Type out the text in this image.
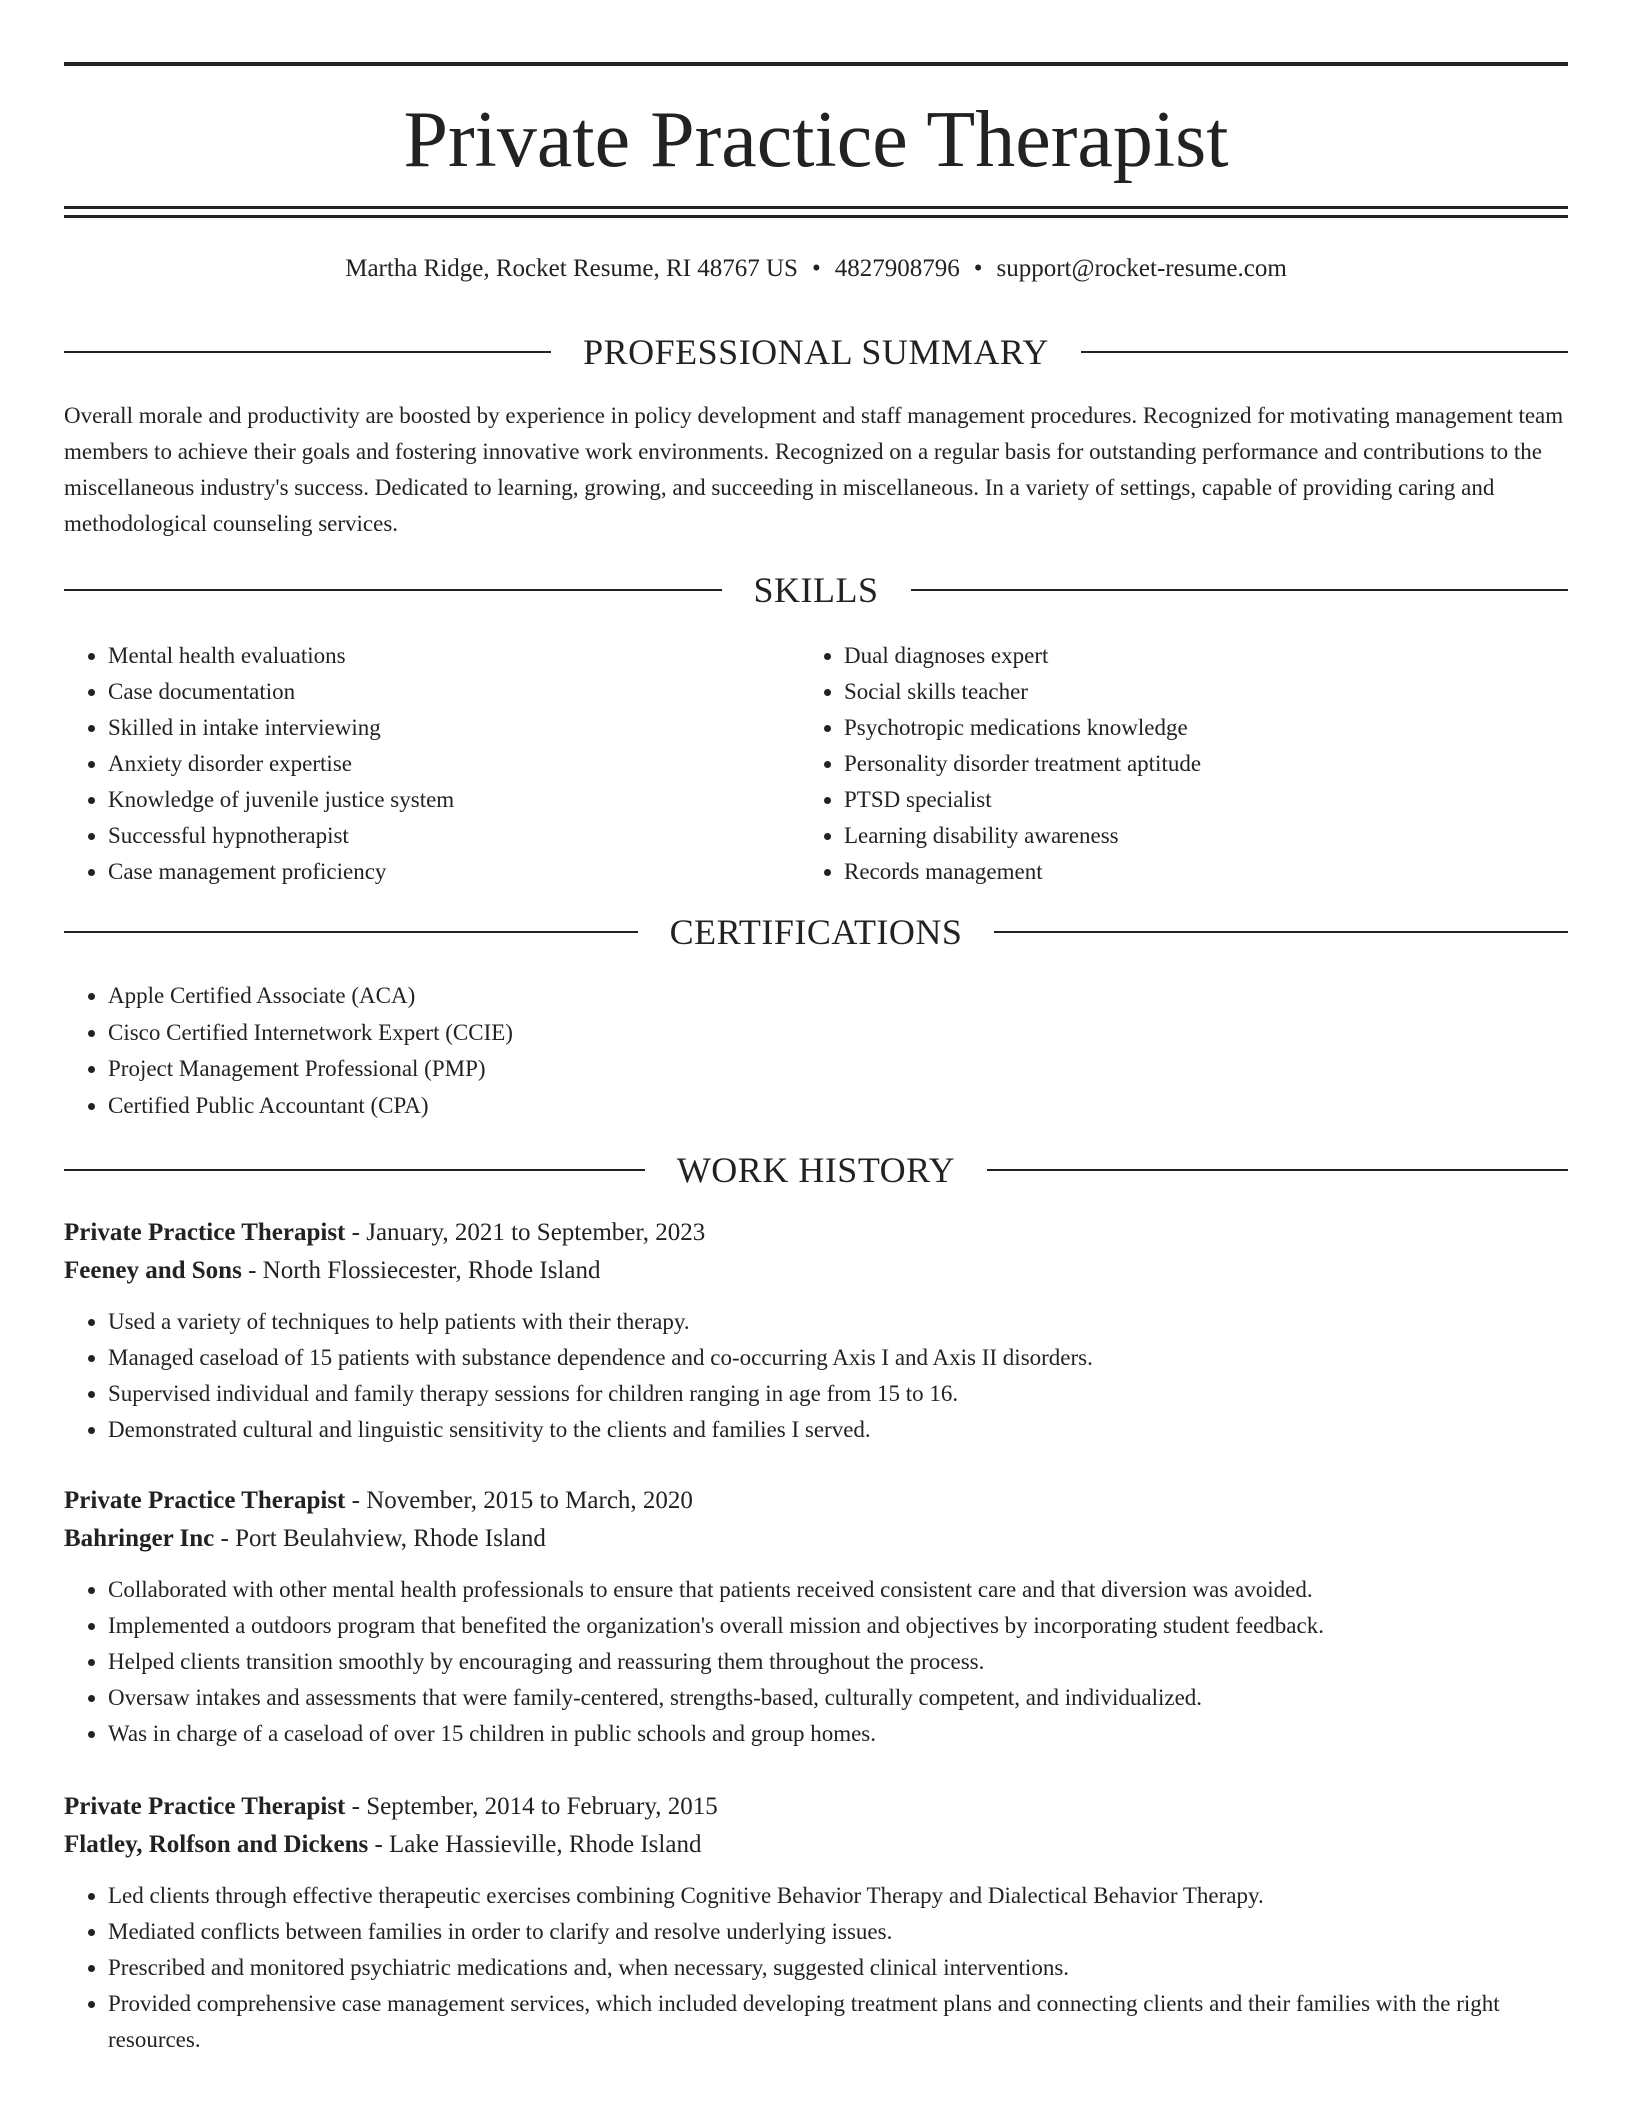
Private Practice Therapist
Martha Ridge, Rocket Resume, RI 48767 US • 4827908796 • support@rocket-resume.com
PROFESSIONAL SUMMARY

Overall morale and productivity are boosted by experience in policy development and staff management procedures. Recognized for motivating management team members to achieve their goals and fostering innovative work environments. Recognized on a regular basis for outstanding performance and contributions to the miscellaneous industry's success. Dedicated to learning, growing, and succeeding in miscellaneous. In a variety of settings, capable of providing caring and methodological counseling services.

SKILLS
• Mental health evaluations
• Case documentation
• Skilled in intake interviewing
• Anxiety disorder expertise
• Knowledge of juvenile justice system
• Successful hypnotherapist
• Case management proficiency
• Dual diagnoses expert
• Social skills teacher
• Psychotropic medications knowledge
• Personality disorder treatment aptitude
• PTSD specialist
• Learning disability awareness
• Records management
CERTIFICATIONS
• Apple Certified Associate (ACA)
• Cisco Certified Internetwork Expert (CCIE)
• Project Management Professional (PMP)
• Certified Public Accountant (CPA)
WORK HISTORY
Private Practice Therapist - January, 2021 to September, 2023
Feeney and Sons - North Flossiecester, Rhode Island
• Used a variety of techniques to help patients with their therapy.
• Managed caseload of 15 patients with substance dependence and co-occurring Axis I and Axis II disorders.
• Supervised individual and family therapy sessions for children ranging in age from 15 to 16.
• Demonstrated cultural and linguistic sensitivity to the clients and families I served.
Private Practice Therapist - November, 2015 to March, 2020
Bahringer Inc - Port Beulahview, Rhode Island
• Collaborated with other mental health professionals to ensure that patients received consistent care and that diversion was avoided.
• Implemented a outdoors program that benefited the organization's overall mission and objectives by incorporating student feedback.
• Helped clients transition smoothly by encouraging and reassuring them throughout the process.
• Oversaw intakes and assessments that were family-centered, strengths-based, culturally competent, and individualized.
• Was in charge of a caseload of over 15 children in public schools and group homes.
Private Practice Therapist - September, 2014 to February, 2015
Flatley, Rolfson and Dickens - Lake Hassieville, Rhode Island
• Led clients through effective therapeutic exercises combining Cognitive Behavior Therapy and Dialectical Behavior Therapy.
• Mediated conflicts between families in order to clarify and resolve underlying issues.
• Prescribed and monitored psychiatric medications and, when necessary, suggested clinical interventions.
• Provided comprehensive case management services, which included developing treatment plans and connecting clients and their families with the right resources.
